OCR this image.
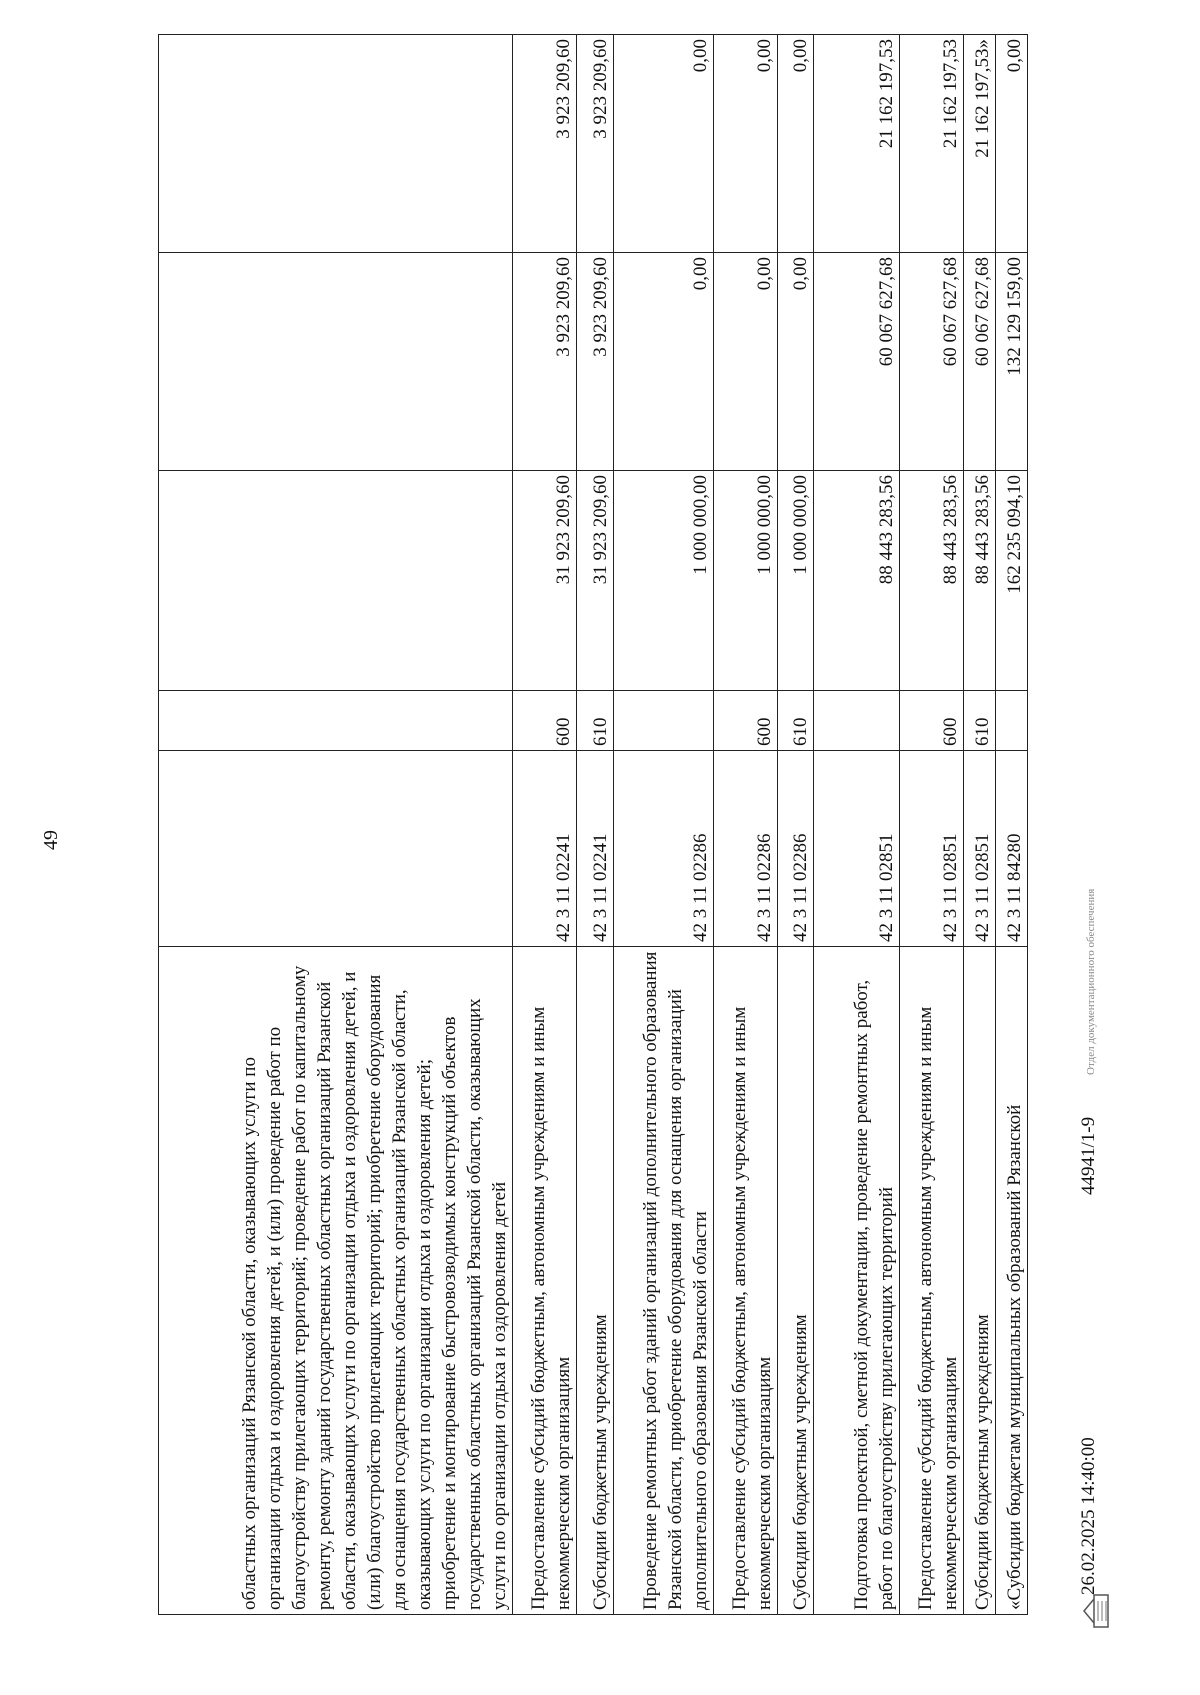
49
областных организаций Рязанской области, оказывающих услуги по организации отдыха и оздоровления детей, и (или) проведение работ по благоустройству прилегающих территорий; проведение работ по капитальному ремонту, ремонту зданий государственных областных организаций Рязанской области, оказывающих услуги по организации отдыха и оздоровления детей, и (или) благоустройство прилегающих территорий; приобретение оборудования для оснащения государственных областных организаций Рязанской области, оказывающих услуги по организации отдыха и оздоровления детей; приобретение и монтирование быстровозводимых конструкций объектов государственных областных организаций Рязанской области, оказывающих услуги по организации отдыха и оздоровления детей					
Предоставление субсидий бюджетным, автономным учреждениям и иным некоммерческим организациям	42 3 11 02241	600	31 923 209,60	3 923 209,60	3 923 209,60
Субсидии бюджетным учреждениям	42 3 11 02241	610	31 923 209,60	3 923 209,60	3 923 209,60
Проведение ремонтных работ зданий организаций дополнительного образования Рязанской области, приобретение оборудования для оснащения организаций дополнительного образования Рязанской области	42 3 11 02286		1 000 000,00	0,00	0,00
Предоставление субсидий бюджетным, автономным учреждениям и иным некоммерческим организациям	42 3 11 02286	600	1 000 000,00	0,00	0,00
Субсидии бюджетным учреждениям	42 3 11 02286	610	1 000 000,00	0,00	0,00
Подготовка проектной, сметной документации, проведение ремонтных работ, работ по благоустройству прилегающих территорий	42 3 11 02851		88 443 283,56	60 067 627,68	21 162 197,53
Предоставление субсидий бюджетным, автономным учреждениям и иным некоммерческим организациям	42 3 11 02851	600	88 443 283,56	60 067 627,68	21 162 197,53
Субсидии бюджетным учреждениям	42 3 11 02851	610	88 443 283,56	60 067 627,68	21 162 197,53»
«Субсидии бюджетам муниципальных образований Рязанской	42 3 11 84280		162 235 094,10	132 129 159,00	0,00
26.02.2025 14:40:00
44941/1-9
Отдел документационного обеспечения
